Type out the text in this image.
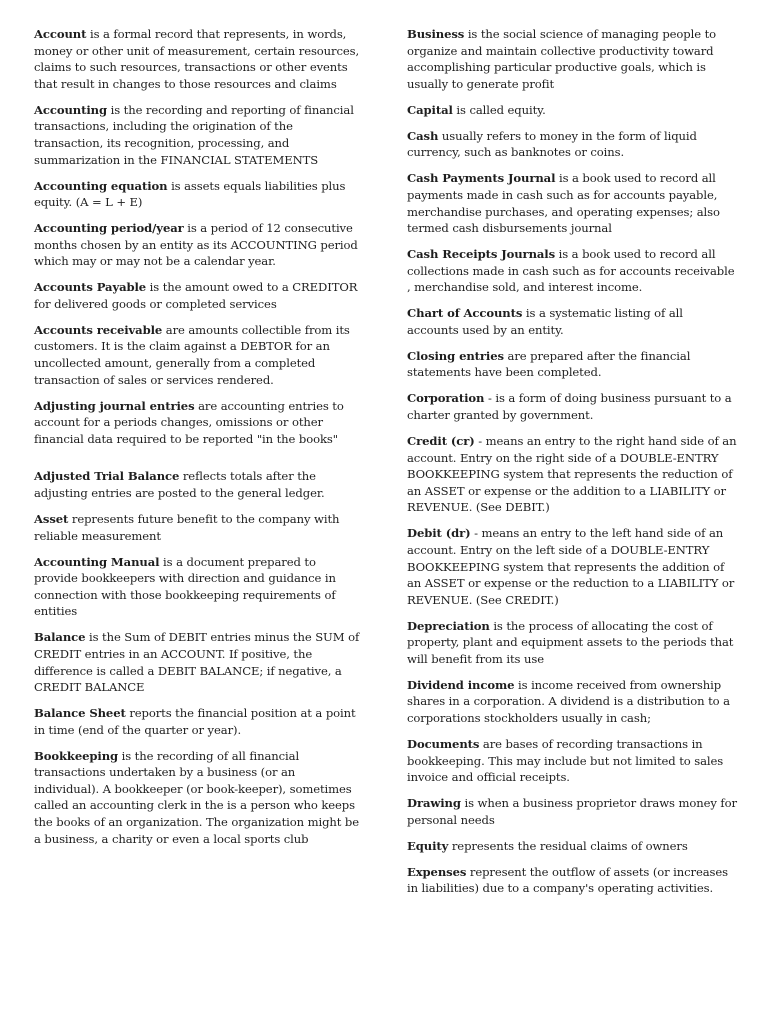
Account is a formal record that represents, in words, money or other unit of measurement, certain resources, claims to such resources, transactions or other events that result in changes to those resources and claims

Accounting is the recording and reporting of financial transactions, including the origination of the transaction, its recognition, processing, and summarization in the FINANCIAL STATEMENTS

Accounting equation is assets equals liabilities plus equity. (A = L + E)

Accounting period/year is a period of 12 consecutive months chosen by an entity as its ACCOUNTING period which may or may not be a calendar year.

Accounts Payable is the amount owed to a CREDITOR for delivered goods or completed services

Accounts receivable are amounts collectible from its customers. It is the claim against a DEBTOR for an uncollected amount, generally from a completed transaction of sales or services rendered.

Adjusting journal entries are accounting entries to account for a periods changes, omissions or other financial data required to be reported "in the books"

Adjusted Trial Balance reflects totals after the adjusting entries are posted to the general ledger.

Asset represents future benefit to the company with reliable measurement

Accounting Manual is a document prepared to provide bookkeepers with direction and guidance in connection with those bookkeeping requirements of entities

Balance is the Sum of DEBIT entries minus the SUM of CREDIT entries in an ACCOUNT. If positive, the difference is called a DEBIT BALANCE; if negative, a CREDIT BALANCE

Balance Sheet reports the financial position at a point in time (end of the quarter or year).

Bookkeeping is the recording of all financial transactions undertaken by a business (or an individual). A bookkeeper (or book-keeper), sometimes called an accounting clerk in the is a person who keeps the books of an organization. The organization might be a business, a charity or even a local sports club

Business is the social science of managing people to organize and maintain collective productivity toward accomplishing particular productive goals, which is usually to generate profit

Capital is called equity.

Cash usually refers to money in the form of liquid currency, such as banknotes or coins.

Cash Payments Journal is a book used to record all payments made in cash such as for accounts payable, merchandise purchases, and operating expenses; also termed cash disbursements journal

Cash Receipts Journals is a book used to record all collections made in cash such as for accounts receivable , merchandise sold, and interest income.

Chart of Accounts is a systematic listing of all accounts used by an entity.

Closing entries are prepared after the financial statements have been completed.

Corporation - is a form of doing business pursuant to a charter granted by government.

Credit (cr) - means an entry to the right hand side of an account. Entry on the right side of a DOUBLE-ENTRY BOOKKEEPING system that represents the reduction of an ASSET or expense or the addition to a LIABILITY or REVENUE. (See DEBIT.)

Debit (dr) - means an entry to the left hand side of an account. Entry on the left side of a DOUBLE-ENTRY BOOKKEEPING system that represents the addition of an ASSET or expense or the reduction to a LIABILITY or REVENUE. (See CREDIT.)

Depreciation is the process of allocating the cost of property, plant and equipment assets to the periods that will benefit from its use

Dividend income is income received from ownership shares in a corporation. A dividend is a distribution to a corporations stockholders usually in cash;

Documents are bases of recording transactions in bookkeeping. This may include but not limited to sales invoice and official receipts.

Drawing is when a business proprietor draws money for personal needs

Equity represents the residual claims of owners

Expenses represent the outflow of assets (or increases in liabilities) due to a company's operating activities.
